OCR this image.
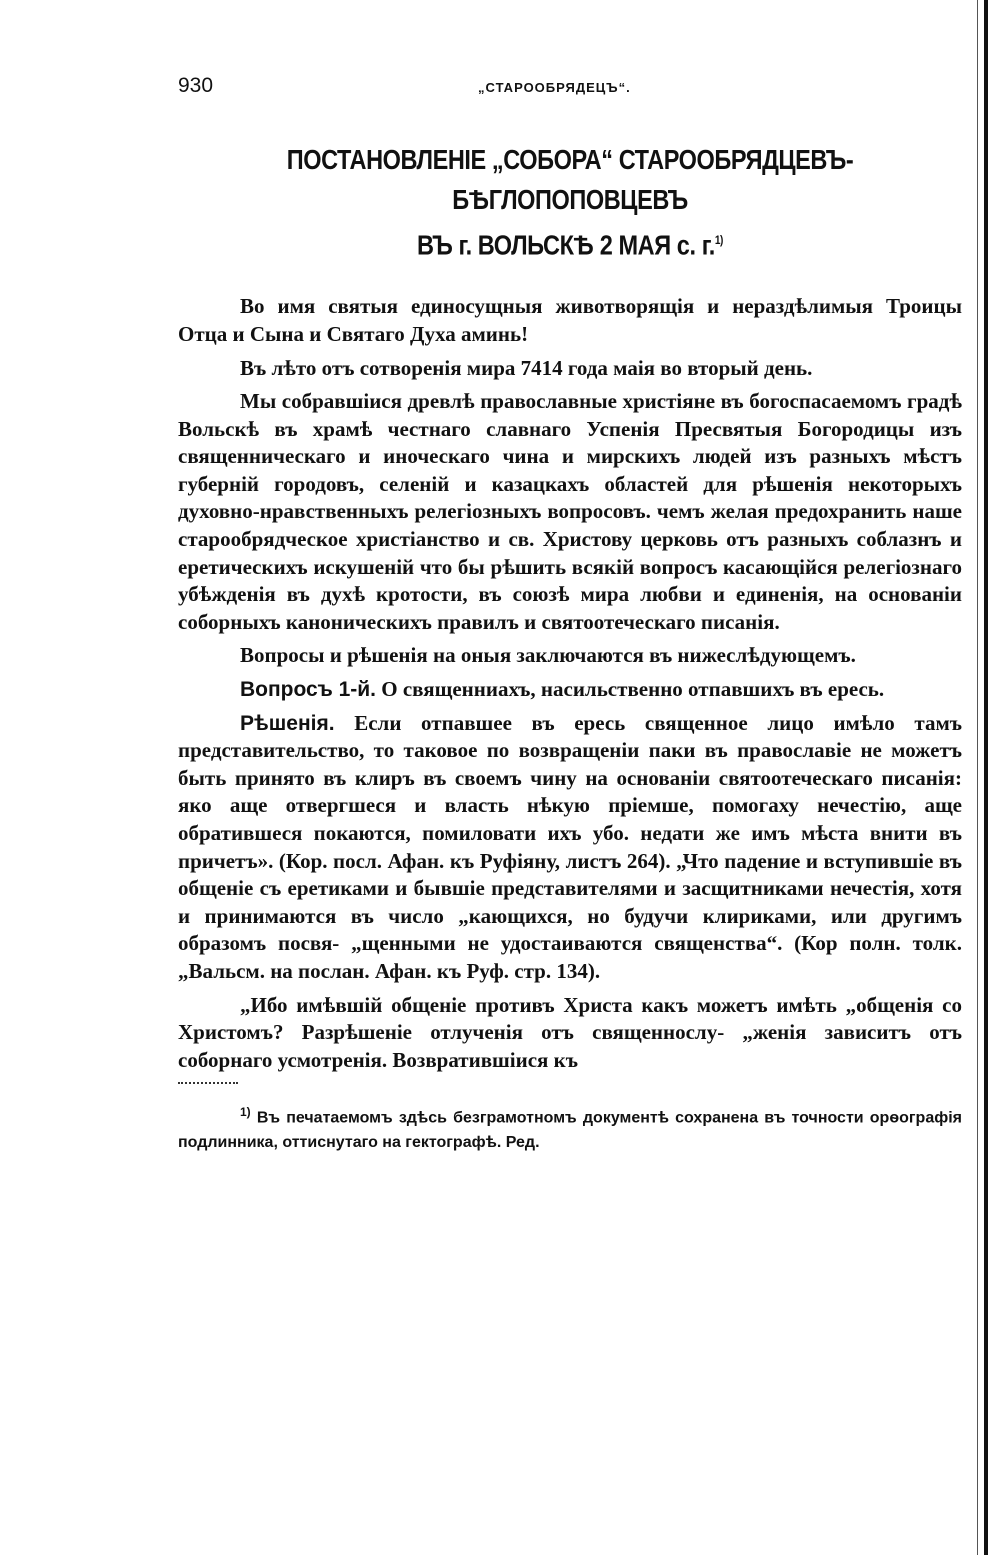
930	„СТАРООБРЯДЕЦЪ“.
ПОСТАНОВЛЕНІЕ „СОБОРА“ СТАРООБРЯДЦЕВЪ-БѢГЛОПОПОВЦЕВЪ
ВЪ г. ВОЛЬСКѢ 2 МАЯ с. г.$^{1)}$

Во имя святыя единосущныя животворящія и нераздѣлимыя Троицы Отца и Сына и Святаго Духа аминь!

Въ лѣто отъ сотворенія мира 7414 года маія во вторый день.

Мы собравшіися древлѣ православные христіяне въ богоспасаемомъ градѣ Вольскѣ въ храмѣ честнаго славнаго Успенія Пресвятыя Богородицы изъ священническаго и иноческаго чина и мирскихъ людей изъ разныхъ мѣстъ губерній городовъ, селеній и казацкахъ областей для рѣшенія некоторыхъ духовно-нравственныхъ релегіозныхъ вопросовъ. чемъ желая предохранить наше старообрядческое христіанство и св. Христову церковь отъ разныхъ соблазнъ и еретическихъ искушеній что бы рѣшить всякій вопросъ касающійся релегіознаго убѣжденія въ духѣ кротости, въ союзѣ мира любви и единенія, на основаніи соборныхъ каноническихъ правилъ и святоотеческаго писанія.

Вопросы и рѣшенія на оныя заключаются въ нижеслѣдующемъ.

Вопросъ 1-й. О священниахъ, насильственно отпавшихъ въ ересь.

Рѣшенія. Если отпавшее въ ересь священное лицо имѣло тамъ представительство, то таковое по возвращеніи паки въ православіе не можетъ быть принято въ клиръ въ своемъ чину на основаніи святоотеческаго писанія: яко аще отвергшеся и власть нѣкую пріемше, помогаху нечестію, аще обратившеся покаются, помиловати ихъ убо. недати же имъ мѣста внити въ причетъ». (Кор. посл. Афан. къ Руфіяну, листъ 264). „Что падение и вступившіе въ общеніе съ еретиками и бывшіе представителями и засщитниками нечестія, хотя и принимаются въ число „кающихся, но будучи клириками, или другимъ образомъ посвя- „щенными не удостаиваются священства“. (Кор полн. толк. „Вальсм. на послан. Афан. къ Руф. стр. 134).

„Ибо имѣвшій общеніе противъ Христа какъ можетъ имѣть „общенія со Христомъ? Разрѣшеніе отлученія отъ священнослу- „женія зависитъ отъ соборнаго усмотренія. Возвратившіися къ

$^{1)}$ Въ печатаемомъ здѣсь безграмотномъ документѣ сохранена въ точности орѳографія подлинника, оттиснутаго на гектографѣ. Ред.
